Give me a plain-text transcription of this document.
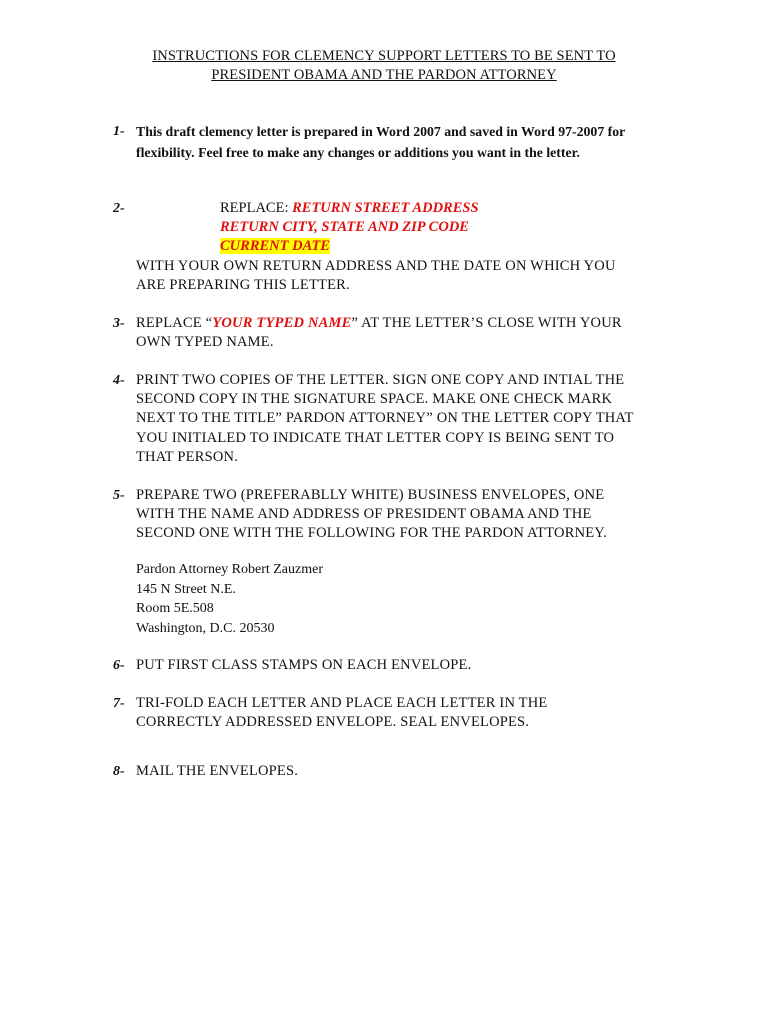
INSTRUCTIONS FOR CLEMENCY SUPPORT LETTERS TO BE SENT TO
PRESIDENT OBAMA AND THE PARDON ATTORNEY
1- This draft clemency letter is prepared in Word 2007 and saved in Word 97-2007 for
flexibility. Feel free to make any changes or additions you want in the letter.
2-	REPLACE: RETURN STREET ADDRESS
RETURN CITY, STATE AND ZIP CODE
CURRENT DATE
WITH YOUR OWN RETURN ADDRESS AND THE DATE ON WHICH YOU
ARE PREPARING THIS LETTER.
3- REPLACE “YOUR TYPED NAME” AT THE LETTER’S CLOSE WITH YOUR
OWN TYPED NAME.
4- PRINT TWO COPIES OF THE LETTER. SIGN ONE COPY AND INTIAL THE
SECOND COPY IN THE SIGNATURE SPACE. MAKE ONE CHECK MARK
NEXT TO THE TITLE” PARDON ATTORNEY” ON THE LETTER COPY THAT
YOU INITIALED TO INDICATE THAT LETTER COPY IS BEING SENT TO
THAT PERSON.
5- PREPARE TWO (PREFERABLLY WHITE) BUSINESS ENVELOPES, ONE
WITH THE NAME AND ADDRESS OF PRESIDENT OBAMA AND THE
SECOND ONE WITH THE FOLLOWING FOR THE PARDON ATTORNEY.
Pardon Attorney Robert Zauzmer
145 N Street N.E.
Room 5E.508
Washington, D.C. 20530
6- PUT FIRST CLASS STAMPS ON EACH ENVELOPE.
7- TRI-FOLD EACH LETTER AND PLACE EACH LETTER IN THE
CORRECTLY ADDRESSED ENVELOPE. SEAL ENVELOPES.
8- MAIL THE ENVELOPES.
